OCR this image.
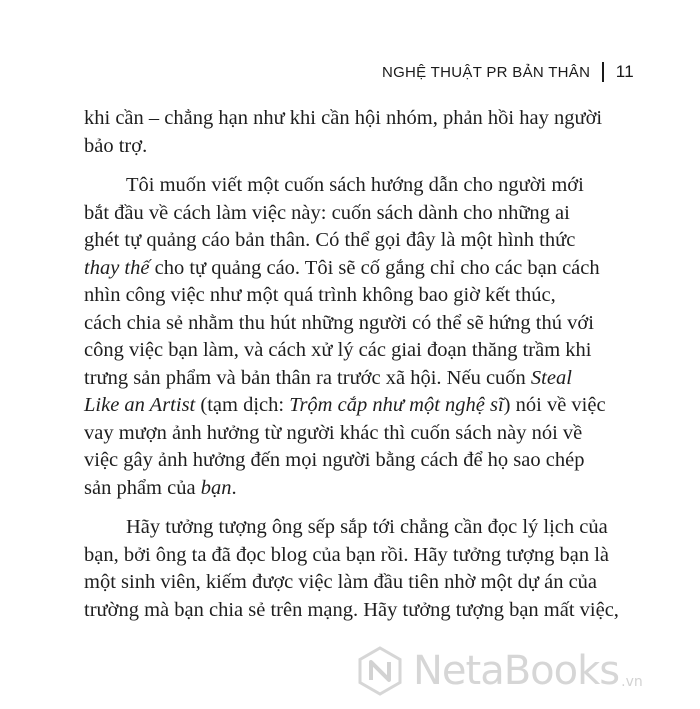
NGHỆ THUẬT PR BẢN THÂN 11
khi cần – chẳng hạn như khi cần hội nhóm, phản hồi hay người
bảo trợ.
Tôi muốn viết một cuốn sách hướng dẫn cho người mới
bắt đầu về cách làm việc này: cuốn sách dành cho những ai
ghét tự quảng cáo bản thân. Có thể gọi đây là một hình thức
thay thế cho tự quảng cáo. Tôi sẽ cố gắng chỉ cho các bạn cách
nhìn công việc như một quá trình không bao giờ kết thúc,
cách chia sẻ nhằm thu hút những người có thể sẽ hứng thú với
công việc bạn làm, và cách xử lý các giai đoạn thăng trầm khi
trưng sản phẩm và bản thân ra trước xã hội. Nếu cuốn Steal
Like an Artist (tạm dịch: Trộm cắp như một nghệ sĩ) nói về việc
vay mượn ảnh hưởng từ người khác thì cuốn sách này nói về
việc gây ảnh hưởng đến mọi người bằng cách để họ sao chép
sản phẩm của bạn.
Hãy tưởng tượng ông sếp sắp tới chẳng cần đọc lý lịch của
bạn, bởi ông ta đã đọc blog của bạn rồi. Hãy tưởng tượng bạn là
một sinh viên, kiếm được việc làm đầu tiên nhờ một dự án của
trường mà bạn chia sẻ trên mạng. Hãy tưởng tượng bạn mất việc,
NetaBooks .vn
